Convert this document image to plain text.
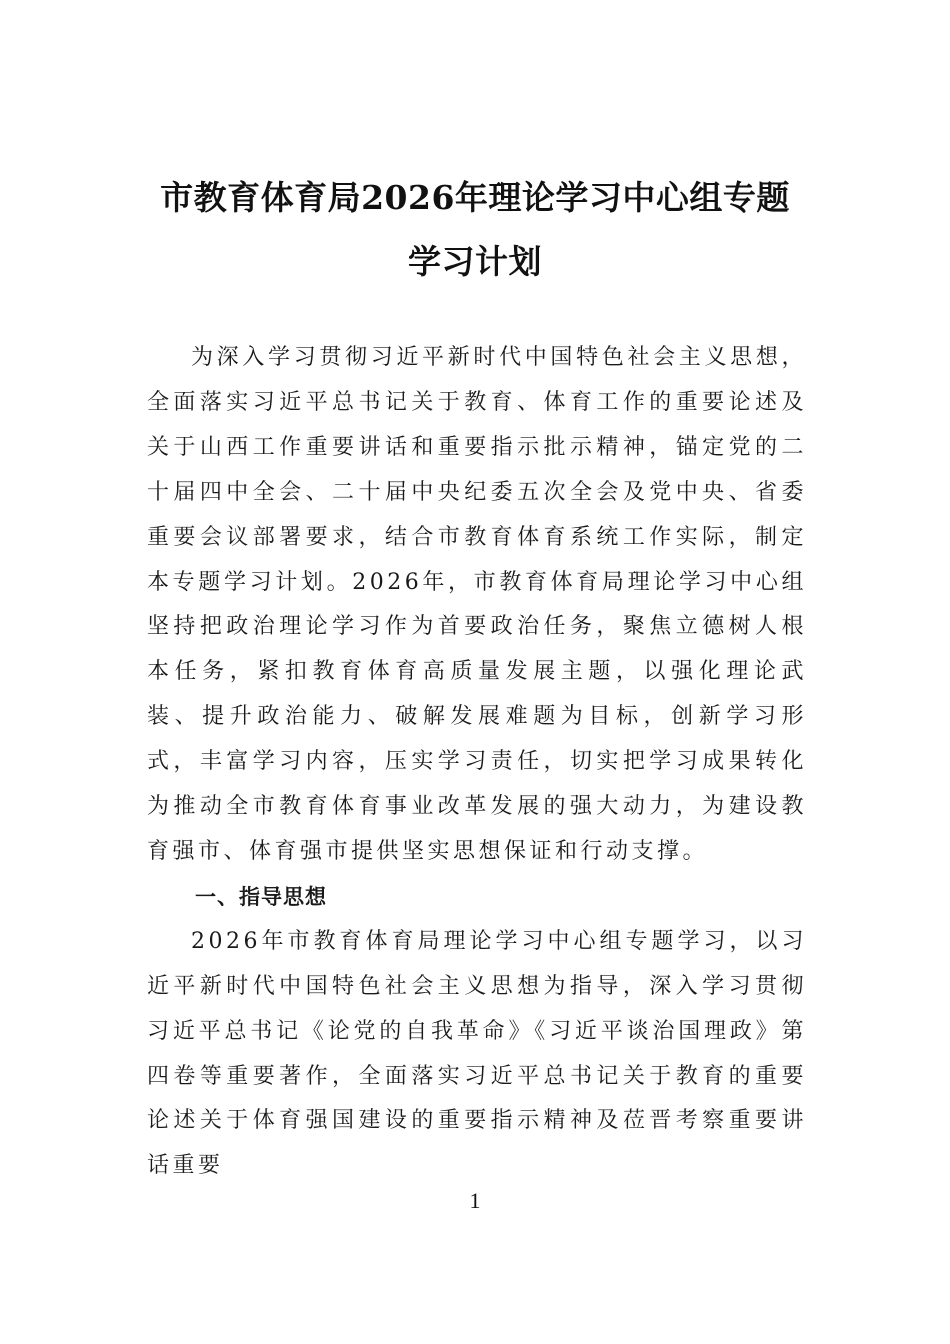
市教育体育局2026年理论学习中心组专题
学习计划

为深入学习贯彻习近平新时代中国特色社会主义思想，全面落实习近平总书记关于教育、体育工作的重要论述及关于山西工作重要讲话和重要指示批示精神，锚定党的二十届四中全会、二十届中央纪委五次全会及党中央、省委重要会议部署要求，结合市教育体育系统工作实际，制定本专题学习计划。2026年，市教育体育局理论学习中心组坚持把政治理论学习作为首要政治任务，聚焦立德树人根本任务，紧扣教育体育高质量发展主题，以强化理论武装、提升政治能力、破解发展难题为目标，创新学习形式，丰富学习内容，压实学习责任，切实把学习成果转化为推动全市教育体育事业改革发展的强大动力，为建设教育强市、体育强市提供坚实思想保证和行动支撑。

一、指导思想

2026年市教育体育局理论学习中心组专题学习，以习近平新时代中国特色社会主义思想为指导，深入学习贯彻习近平总书记《论党的自我革命》《习近平谈治国理政》第四卷等重要著作，全面落实习近平总书记关于教育的重要论述关于体育强国建设的重要指示精神及莅晋考察重要讲话重要

1
